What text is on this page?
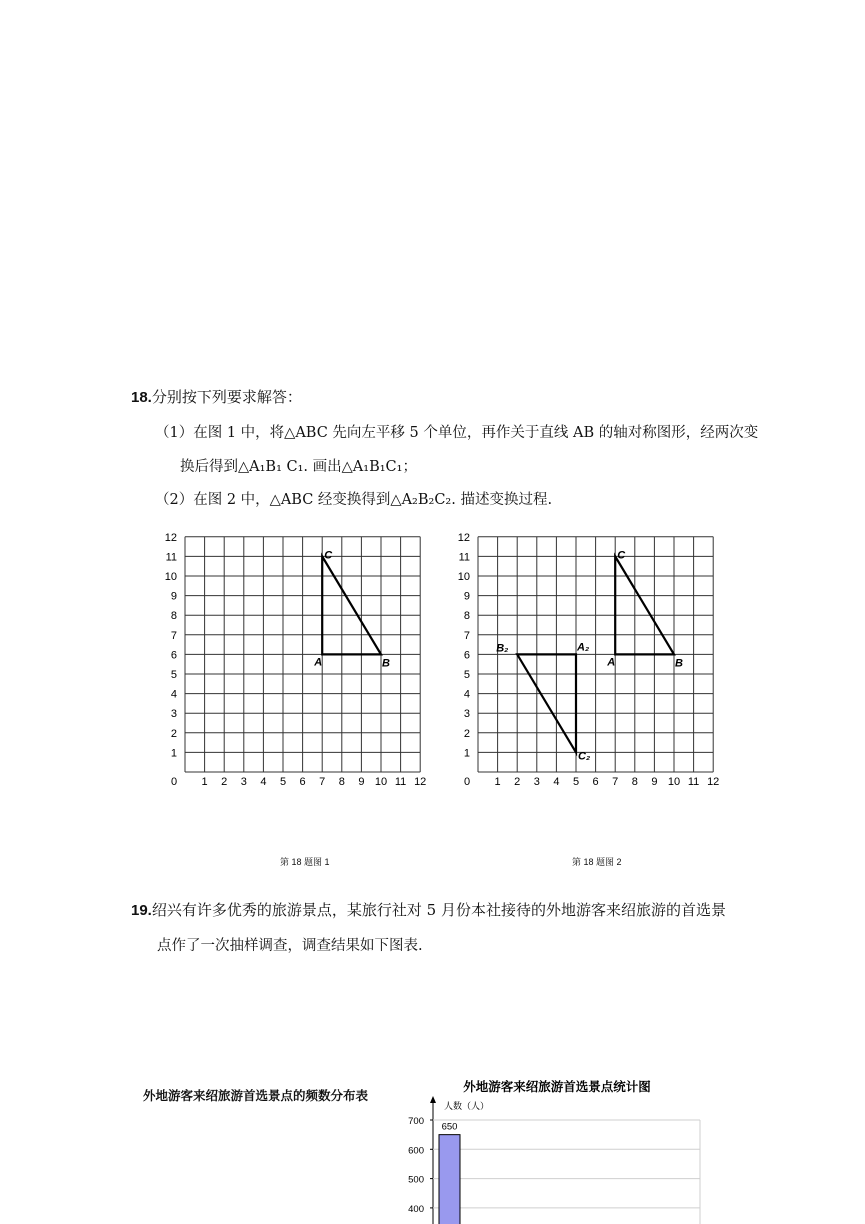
18.分别按下列要求解答：
（1）在图 1 中，将△ABC 先向左平移 5 个单位，再作关于直线 AB 的轴对称图形，经两次变
换后得到△A₁B₁ C₁. 画出△A₁B₁C₁；
（2）在图 2 中，△ABC 经变换得到△A₂B₂C₂. 描述变换过程.
0 1 2 3 4 5 6 7 8 9 10 11 12
1
2
3
4
5
6
7
8
9
10
11
12
A	B
C
第 18 题图 1
0 1 2 3 4 5 6 7 8 9 10 11 12
1
2
3
4
5
6
7
8
9
10
11
12
A	B
C
A₂
B₂
C₂
第 18 题图 2
19.绍兴有许多优秀的旅游景点，某旅行社对 5 月份本社接待的外地游客来绍旅游的首选景
点作了一次抽样调查，调查结果如下图表.
外地游客来绍旅游首选景点的频数分布表
外地游客来绍旅游首选景点统计图
人数（人）
400
500
600
700
650
